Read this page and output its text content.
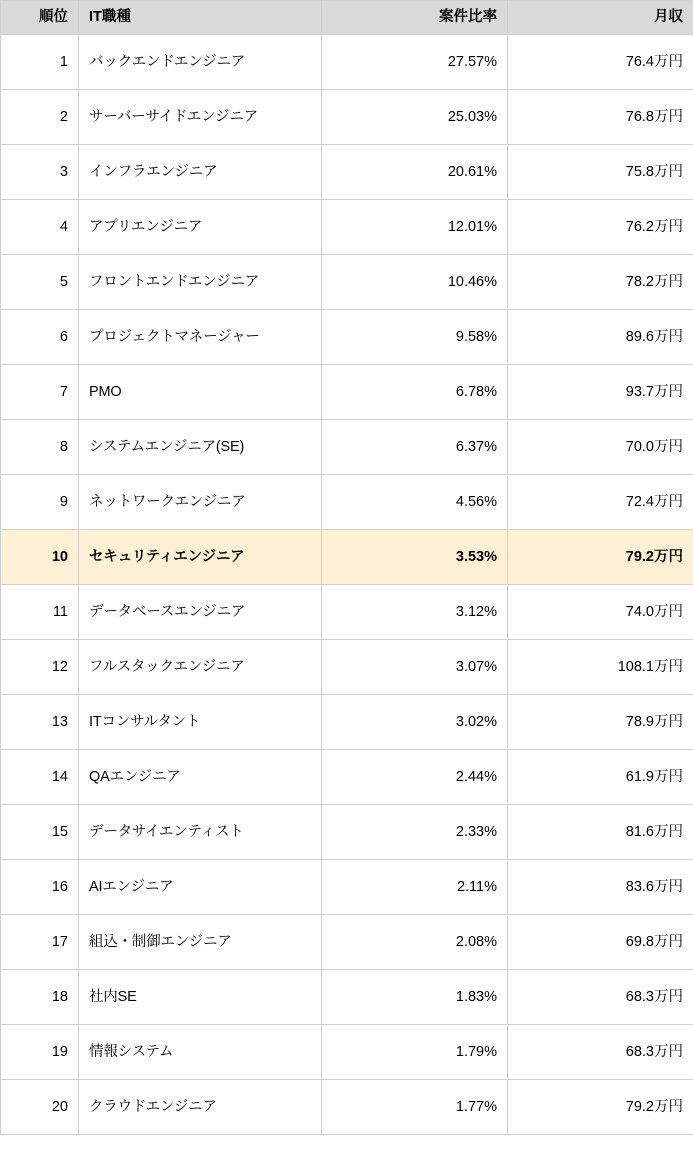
順位	IT職種	案件比率	月収
1	バックエンドエンジニア	27.57%	76.4万円
2	サーバーサイドエンジニア	25.03%	76.8万円
3	インフラエンジニア	20.61%	75.8万円
4	アプリエンジニア	12.01%	76.2万円
5	フロントエンドエンジニア	10.46%	78.2万円
6	プロジェクトマネージャー	9.58%	89.6万円
7	PMO	6.78%	93.7万円
8	システムエンジニア(SE)	6.37%	70.0万円
9	ネットワークエンジニア	4.56%	72.4万円
10	セキュリティエンジニア	3.53%	79.2万円
11	データベースエンジニア	3.12%	74.0万円
12	フルスタックエンジニア	3.07%	108.1万円
13	ITコンサルタント	3.02%	78.9万円
14	QAエンジニア	2.44%	61.9万円
15	データサイエンティスト	2.33%	81.6万円
16	AIエンジニア	2.11%	83.6万円
17	組込・制御エンジニア	2.08%	69.8万円
18	社内SE	1.83%	68.3万円
19	情報システム	1.79%	68.3万円
20	クラウドエンジニア	1.77%	79.2万円
